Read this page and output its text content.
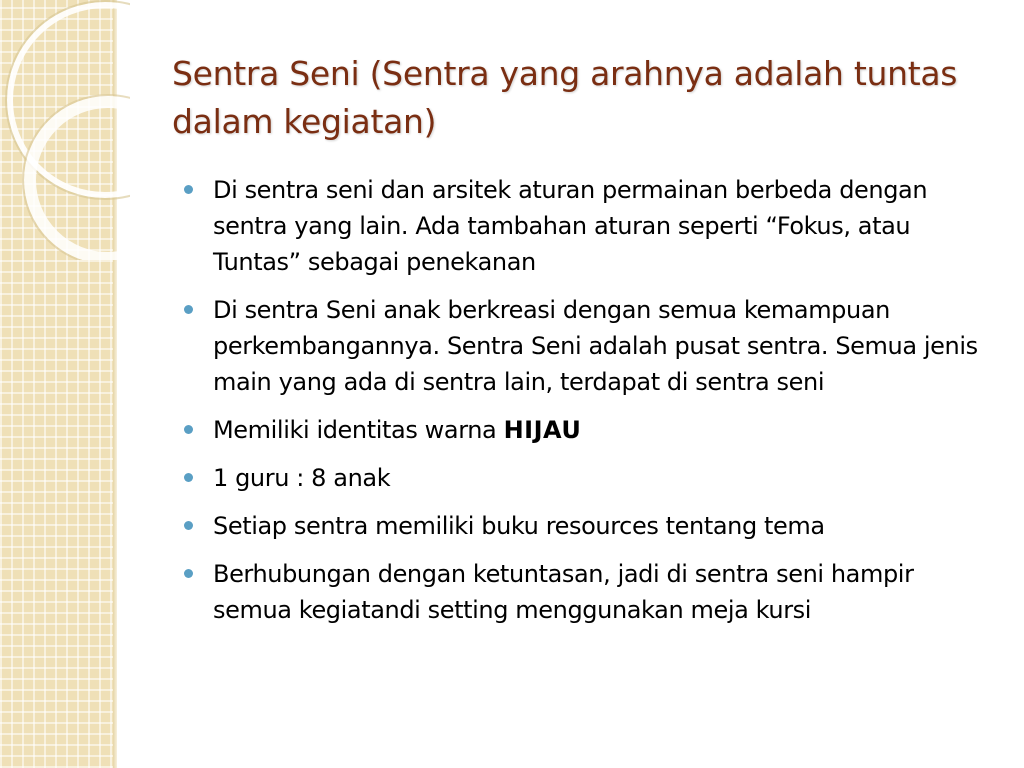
Sentra Seni (Sentra yang arahnya adalah tuntas dalam kegiatan)
Di sentra seni dan arsitek aturan permainan berbeda dengan sentra yang lain. Ada tambahan aturan seperti “Fokus, atau Tuntas” sebagai penekanan
Di sentra Seni anak berkreasi dengan semua kemampuan perkembangannya. Sentra Seni adalah pusat sentra. Semua jenis main yang ada di sentra lain, terdapat di sentra seni
Memiliki identitas warna HIJAU
1 guru : 8 anak
Setiap sentra memiliki buku resources tentang tema
Berhubungan dengan ketuntasan, jadi di sentra seni hampir semua kegiatandi setting menggunakan meja kursi
